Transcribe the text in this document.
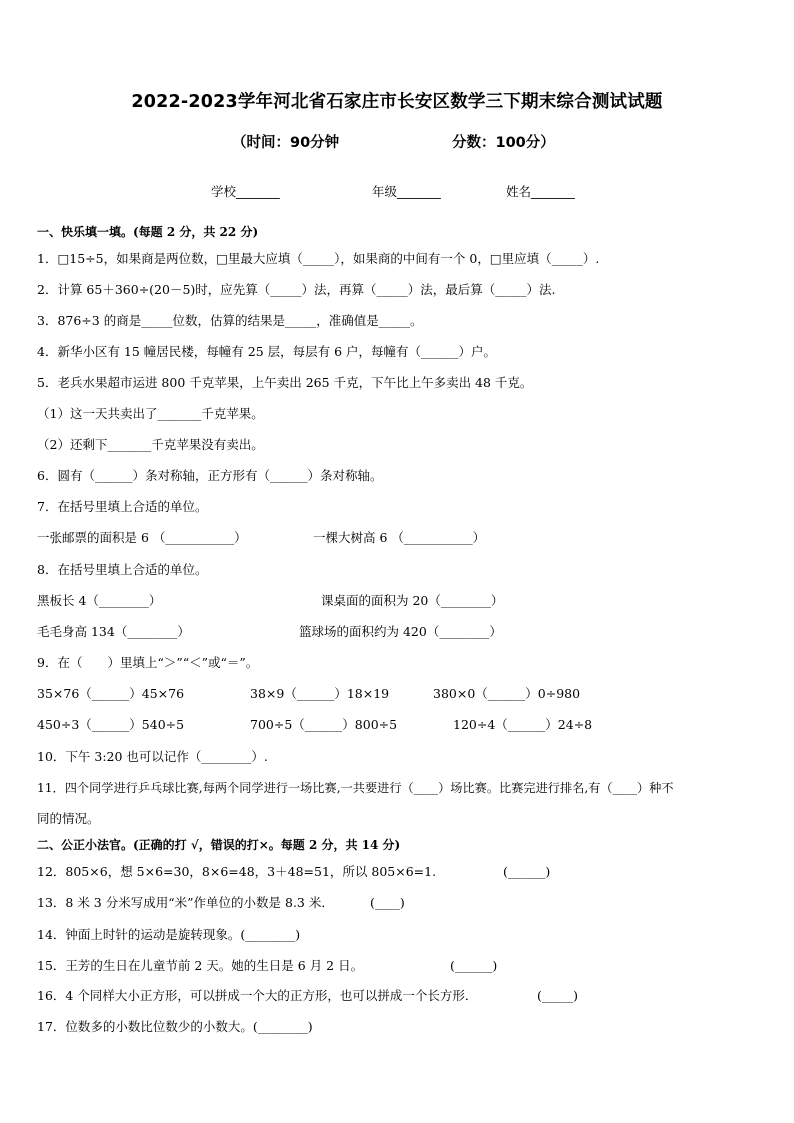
2022-2023学年河北省石家庄市长安区数学三下期末综合测试试题
（时间：90分钟	分数：100分）
学校_______	年级_______	姓名_______
一、快乐填一填。(每题 2 分，共 22 分)
1．□15÷5，如果商是两位数，□里最大应填（_____），如果商的中间有一个 0，□里应填（_____）.
2．计算 65＋360÷(20－5)时，应先算（_____）法，再算（_____）法，最后算（_____）法.
3．876÷3 的商是_____位数，估算的结果是_____，准确值是_____。
4．新华小区有 15 幢居民楼，每幢有 25 层，每层有 6 户，每幢有（______）户。
5．老兵水果超市运进 800 千克苹果，上午卖出 265 千克，下午比上午多卖出 48 千克。
（1）这一天共卖出了_______千克苹果。
（2）还剩下_______千克苹果没有卖出。
6．圆有（______）条对称轴，正方形有（______）条对称轴。
7．在括号里填上合适的单位。
一张邮票的面积是 6 （___________）	一棵大树高 6 （___________）
8．在括号里填上合适的单位。
黑板长 4（________）	课桌面的面积为 20（________）
毛毛身高 134（________）	篮球场的面积约为 420（________）
9．在（　　）里填上“＞”“＜”或“＝”。
35×76（______）45×76	38×9（______）18×19	380×0（______）0÷980
450÷3（______）540÷5	700÷5（______）800÷5	120÷4（______）24÷8
10．下午 3:20 也可以记作（________）.
11．四个同学进行乒乓球比赛,每两个同学进行一场比赛,一共要进行（____）场比赛。比赛完进行排名,有（____）种不
同的情况。
二、公正小法官。(正确的打 √，错误的打×。每题 2 分，共 14 分)
12．805×6，想 5×6=30，8×6=48，3＋48=51，所以 805×6=1.	(______)
13．8 米 3 分米写成用“米”作单位的小数是 8.3 米．	(____)
14．钟面上时针的运动是旋转现象。(________)
15．王芳的生日在儿童节前 2 天。她的生日是 6 月 2 日。	(______)
16．4 个同样大小正方形，可以拼成一个大的正方形，也可以拼成一个长方形．	(_____)
17．位数多的小数比位数少的小数大。(________)
